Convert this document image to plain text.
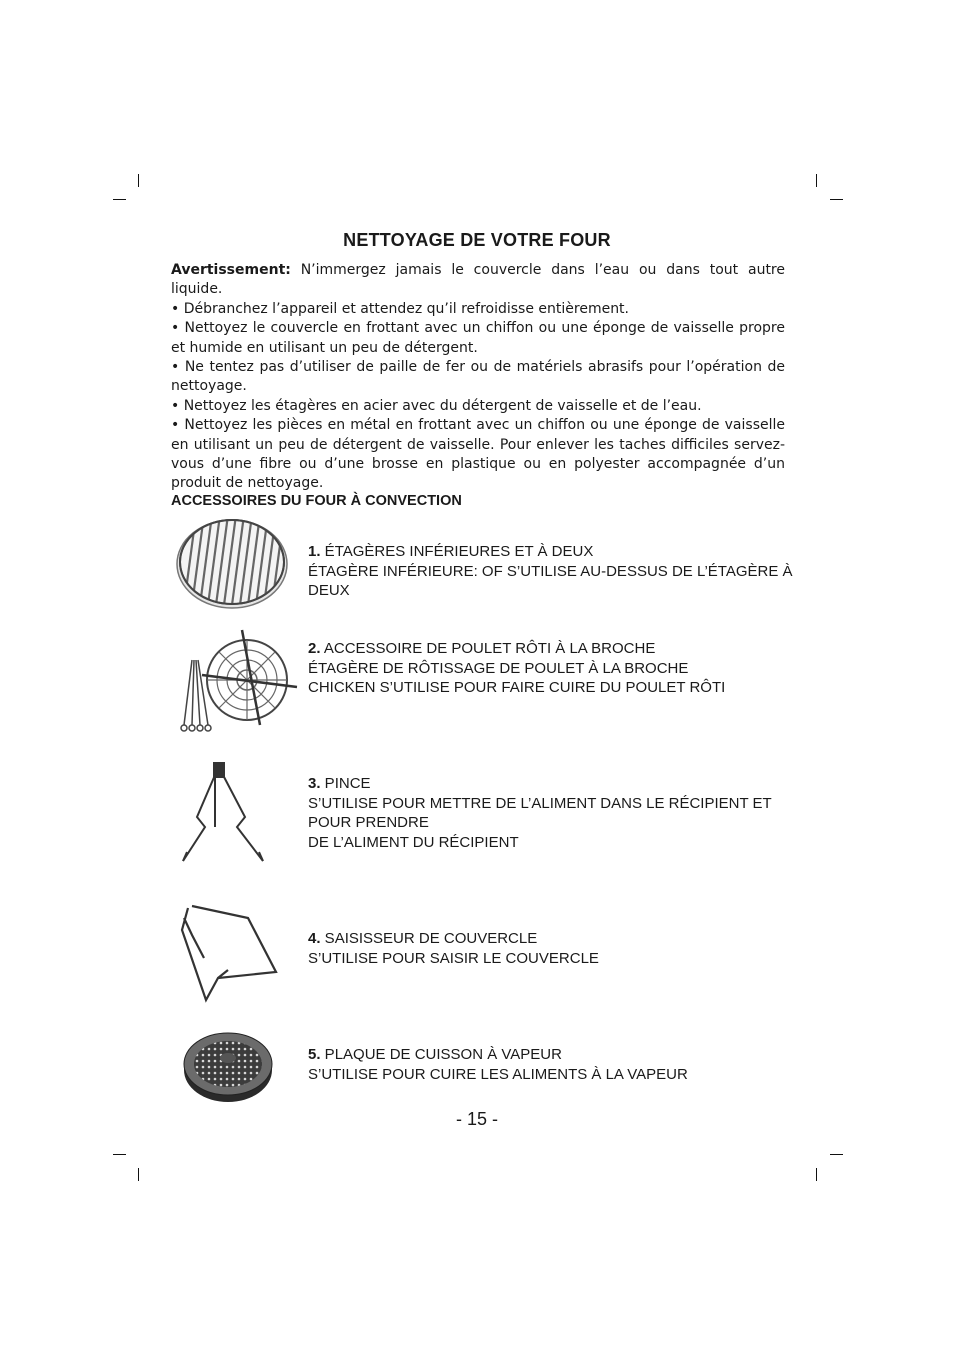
NETTOYAGE DE VOTRE FOUR

Avertissement: N’immergez jamais le couvercle dans l’eau ou dans tout autre liquide.

• Débranchez l’appareil et attendez qu’il refroidisse entièrement.

• Nettoyez le couvercle en frottant avec un chiffon ou une éponge de vaisselle propre et humide en utilisant un peu de détergent.

• Ne tentez pas d’utiliser de paille de fer ou de matériels abrasifs pour l’opération de nettoyage.

• Nettoyez les étagères en acier avec du détergent de vaisselle et de l’eau.

• Nettoyez les pièces en métal en frottant avec un chiffon ou une éponge de vaisselle en utilisant un peu de détergent de vaisselle. Pour enlever les taches difficiles servez-vous d’une fibre ou d’une brosse en plastique ou en polyester accompagnée d’un produit de nettoyage.

ACCESSOIRES DU FOUR À CONVECTION
1. ÉTAGÈRES INFÉRIEURES ET À DEUX
ÉTAGÈRE INFÉRIEURE: OF S’UTILISE AU-DESSUS DE L’ÉTAGÈRE À
DEUX
2. ACCESSOIRE DE POULET RÔTI À LA BROCHE
ÉTAGÈRE DE RÔTISSAGE DE POULET À LA BROCHE
CHICKEN S’UTILISE POUR FAIRE CUIRE DU POULET RÔTI
3. PINCE
S’UTILISE POUR METTRE DE L’ALIMENT DANS LE RÉCIPIENT ET
POUR PRENDRE
DE L’ALIMENT DU RÉCIPIENT
4. SAISISSEUR DE COUVERCLE
S’UTILISE POUR SAISIR LE COUVERCLE
5. PLAQUE DE CUISSON À VAPEUR
S’UTILISE POUR CUIRE LES ALIMENTS À LA VAPEUR
- 15 -
